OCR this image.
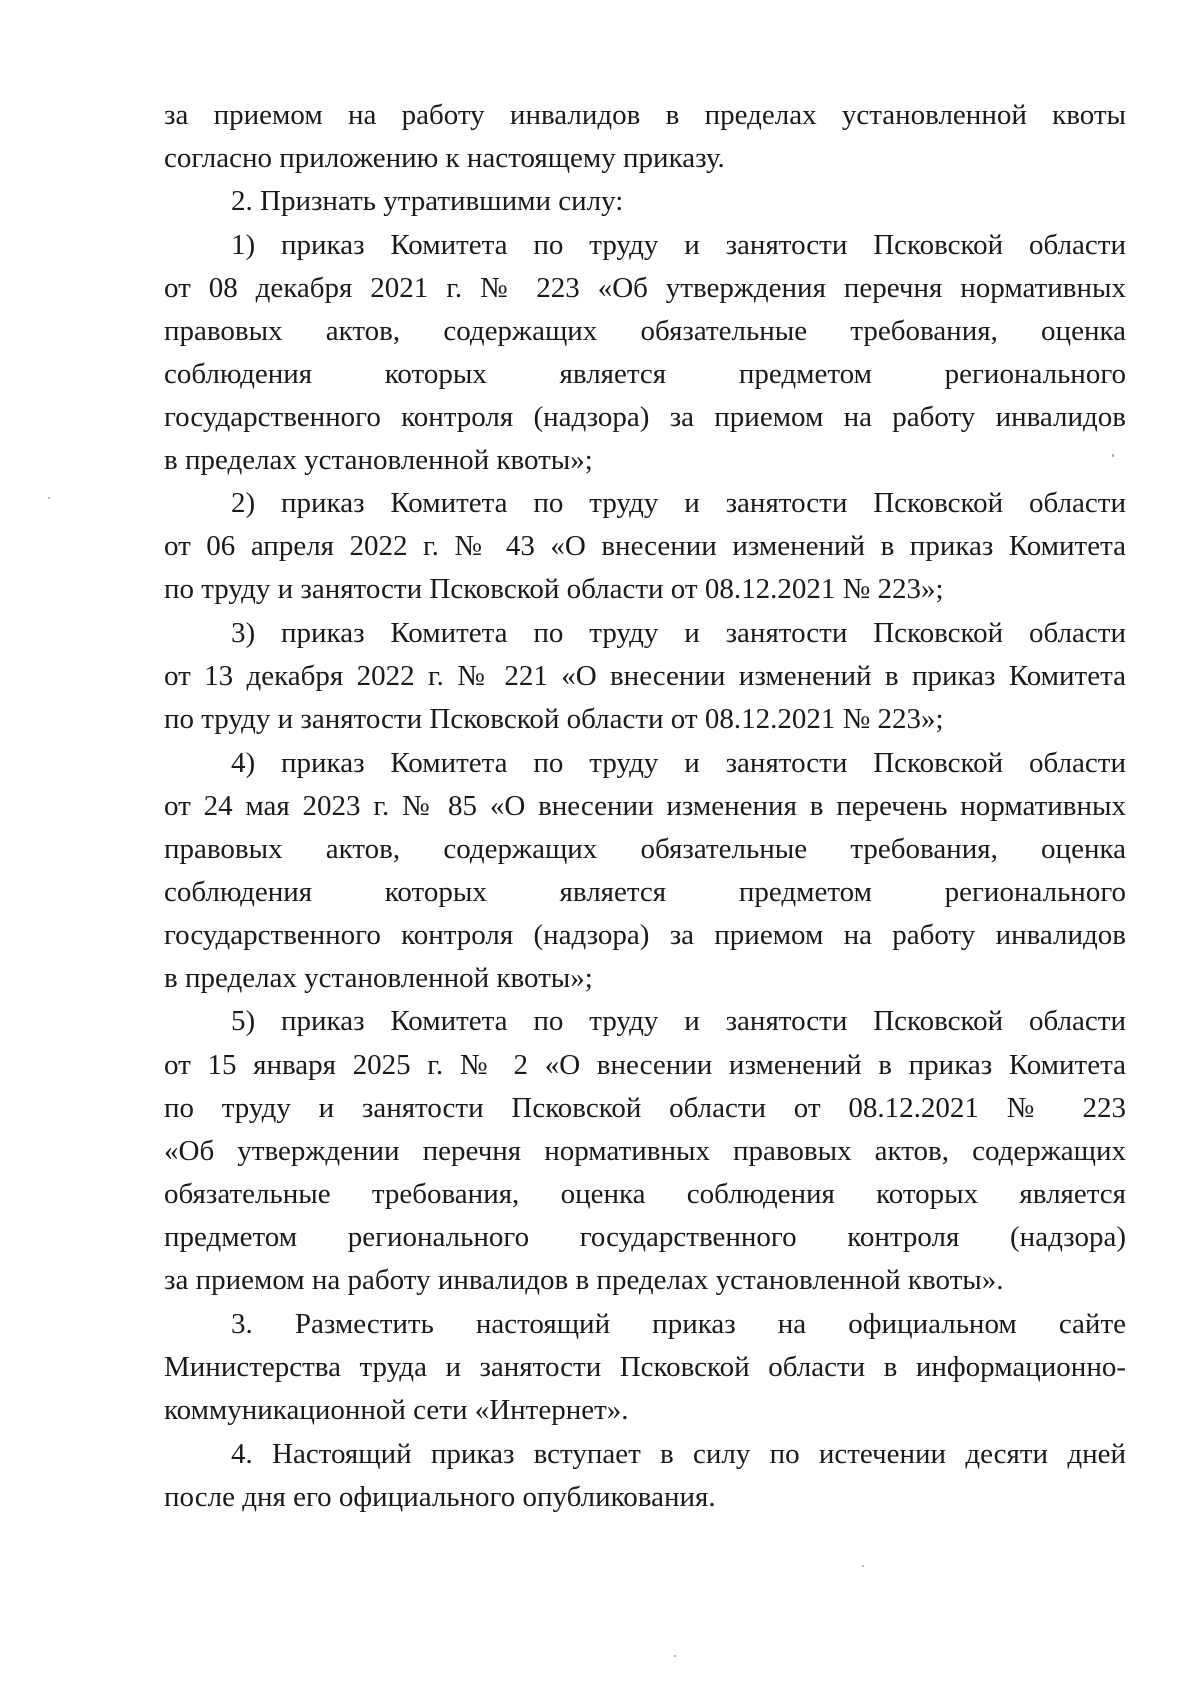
за приемом на работу инвалидов в пределах установленной квоты
согласно приложению к настоящему приказу.
2. Признать утратившими силу:
1) приказ Комитета по труду и занятости Псковской области
от 08 декабря 2021 г. № 223 «Об утверждения перечня нормативных
правовых актов, содержащих обязательные требования, оценка
соблюдения которых является предметом регионального
государственного контроля (надзора) за приемом на работу инвалидов
в пределах установленной квоты»;
2) приказ Комитета по труду и занятости Псковской области
от 06 апреля 2022 г. № 43 «О внесении изменений в приказ Комитета
по труду и занятости Псковской области от 08.12.2021 № 223»;
3) приказ Комитета по труду и занятости Псковской области
от 13 декабря 2022 г. № 221 «О внесении изменений в приказ Комитета
по труду и занятости Псковской области от 08.12.2021 № 223»;
4) приказ Комитета по труду и занятости Псковской области
от 24 мая 2023 г. № 85 «О внесении изменения в перечень нормативных
правовых актов, содержащих обязательные требования, оценка
соблюдения которых является предметом регионального
государственного контроля (надзора) за приемом на работу инвалидов
в пределах установленной квоты»;
5) приказ Комитета по труду и занятости Псковской области
от 15 января 2025 г. № 2 «О внесении изменений в приказ Комитета
по труду и занятости Псковской области от 08.12.2021 № 223
«Об утверждении перечня нормативных правовых актов, содержащих
обязательные требования, оценка соблюдения которых является
предметом регионального государственного контроля (надзора)
за приемом на работу инвалидов в пределах установленной квоты».
3. Разместить настоящий приказ на официальном сайте
Министерства труда и занятости Псковской области в информационно-
коммуникационной сети «Интернет».
4. Настоящий приказ вступает в силу по истечении десяти дней
после дня его официального опубликования.
